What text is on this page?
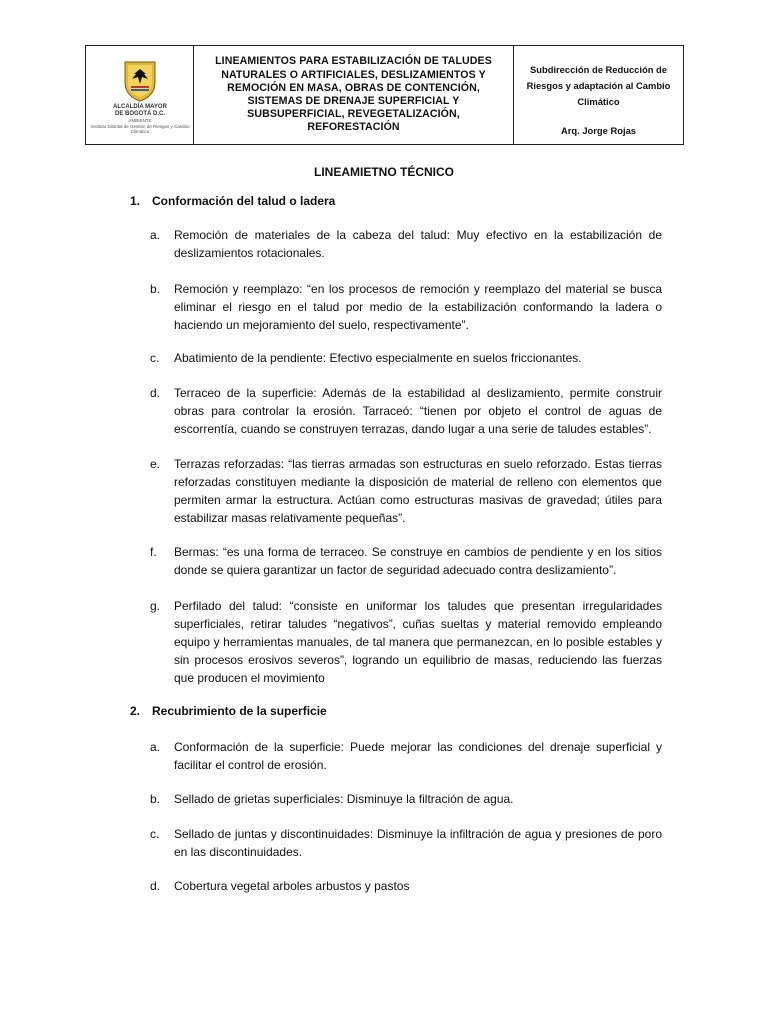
ALCALDÍA MAYOR
DE BOGOTÁ D.C.
AMBIENTE
Instituto Distrital de Gestión de Riesgos y Cambio Climático
LINEAMIENTOS PARA ESTABILIZACIÓN DE TALUDES NATURALES O ARTIFICIALES, DESLIZAMIENTOS Y REMOCIÓN EN MASA, OBRAS DE CONTENCIÓN, SISTEMAS DE DRENAJE SUPERFICIAL Y SUBSUPERFICIAL, REVEGETALIZACIÓN, REFORESTACIÓN
Subdirección de Reducción de Riesgos y adaptación al Cambio Climático
Arq. Jorge Rojas
LINEAMIETNO TÉCNICO
1. Conformación del talud o ladera
a. Remoción de materiales de la cabeza del talud: Muy efectivo en la estabilización de deslizamientos rotacionales.
b. Remoción y reemplazo: “en los procesos de remoción y reemplazo del material se busca eliminar el riesgo en el talud por medio de la estabilización conformando la ladera o haciendo un mejoramiento del suelo, respectivamente”.
c. Abatimiento de la pendiente: Efectivo especialmente en suelos friccionantes.
d. Terraceo de la superficie: Además de la estabilidad al deslizamiento, permite construir obras para controlar la erosión. Tarraceó: “tienen por objeto el control de aguas de escorrentía, cuando se construyen terrazas, dando lugar a una serie de taludes estables”.
e. Terrazas reforzadas: “las tierras armadas son estructuras en suelo reforzado. Estas tierras reforzadas constituyen mediante la disposición de material de relleno con elementos que permiten armar la estructura. Actúan como estructuras masivas de gravedad; útiles para estabilizar masas relativamente pequeñas”.
f. Bermas: “es una forma de terraceo. Se construye en cambios de pendiente y en los sitios donde se quiera garantizar un factor de seguridad adecuado contra deslizamiento”.
g. Perfilado del talud: “consiste en uniformar los taludes que presentan irregularidades superficiales, retirar taludes “negativos”, cuñas sueltas y material removido empleando equipo y herramientas manuales, de tal manera que permanezcan, en lo posible estables y sin procesos erosivos severos”, logrando un equilibrio de masas, reduciendo las fuerzas que producen el movimiento
2. Recubrimiento de la superficie
a. Conformación de la superficie: Puede mejorar las condiciones del drenaje superficial y facilitar el control de erosión.
b. Sellado de grietas superficiales: Disminuye la filtración de agua.
c. Sellado de juntas y discontinuidades: Disminuye la infiltración de agua y presiones de poro en las discontinuidades.
d. Cobertura vegetal arboles arbustos y pastos
